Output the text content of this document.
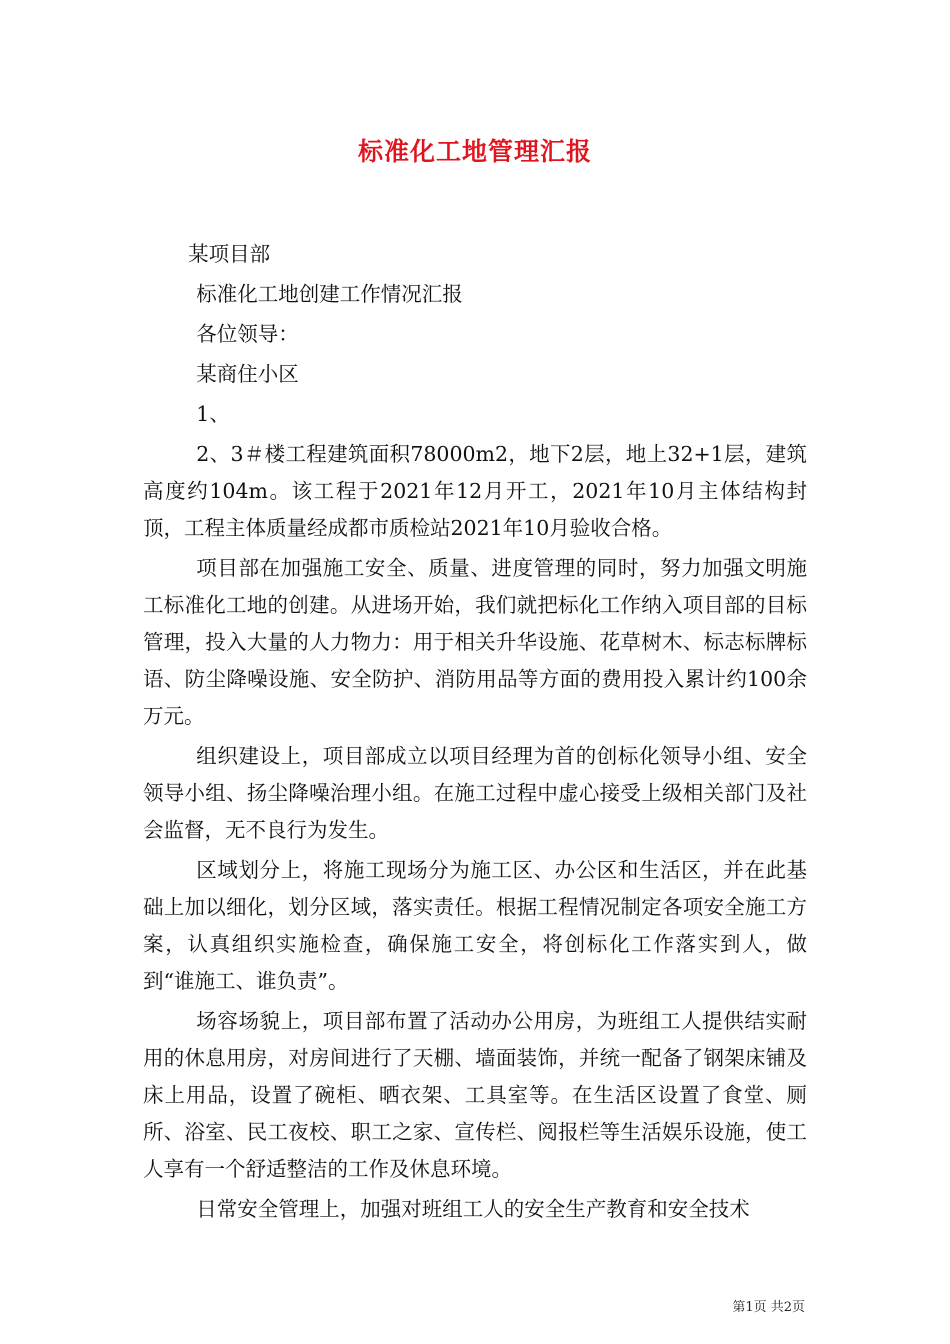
标准化工地管理汇报

某项目部

标准化工地创建工作情况汇报

各位领导：

某商住小区

1、

2、3＃楼工程建筑面积78000m2，地下2层，地上32+1层，建筑高度约104m。该工程于2021年12月开工，2021年10月主体结构封顶，工程主体质量经成都市质检站2021年10月验收合格。

项目部在加强施工安全、质量、进度管理的同时，努力加强文明施工标准化工地的创建。从进场开始，我们就把标化工作纳入项目部的目标管理，投入大量的人力物力：用于相关升华设施、花草树木、标志标牌标语、防尘降噪设施、安全防护、消防用品等方面的费用投入累计约100余万元。

组织建设上，项目部成立以项目经理为首的创标化领导小组、安全领导小组、扬尘降噪治理小组。在施工过程中虚心接受上级相关部门及社会监督，无不良行为发生。

区域划分上，将施工现场分为施工区、办公区和生活区，并在此基础上加以细化，划分区域，落实责任。根据工程情况制定各项安全施工方案，认真组织实施检查，确保施工安全，将创标化工作落实到人，做到“谁施工、谁负责”。

场容场貌上，项目部布置了活动办公用房，为班组工人提供结实耐用的休息用房，对房间进行了天棚、墙面装饰，并统一配备了钢架床铺及床上用品，设置了碗柜、晒衣架、工具室等。在生活区设置了食堂、厕所、浴室、民工夜校、职工之家、宣传栏、阅报栏等生活娱乐设施，使工人享有一个舒适整洁的工作及休息环境。

日常安全管理上，加强对班组工人的安全生产教育和安全技术

第1页 共2页
